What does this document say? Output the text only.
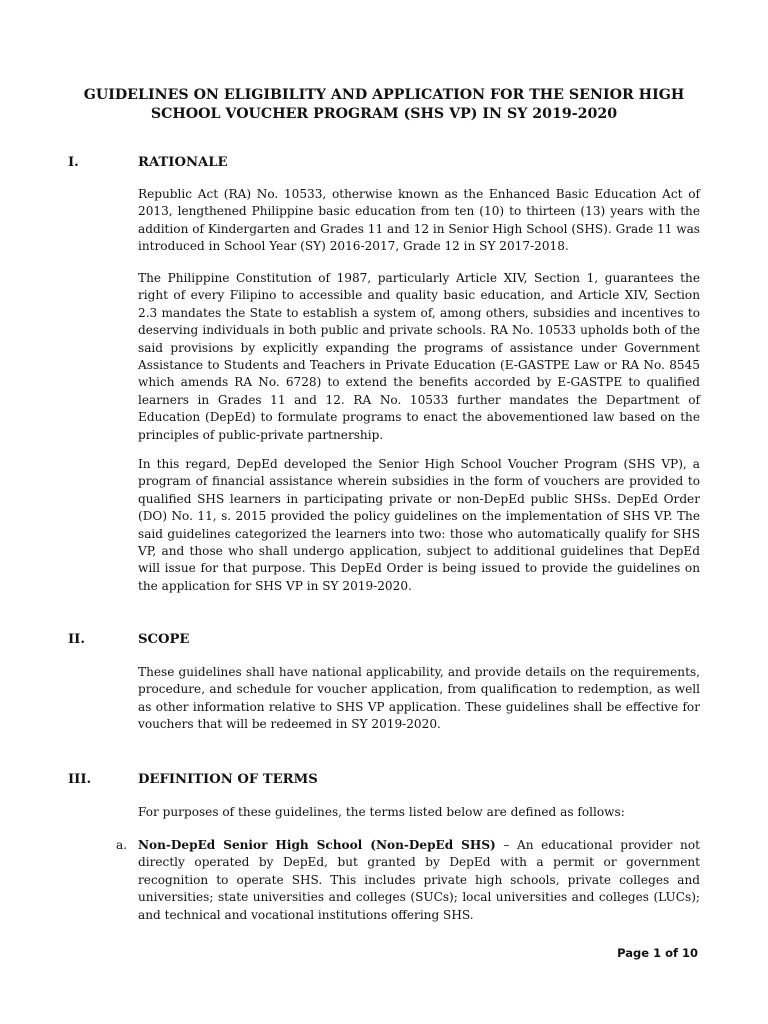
GUIDELINES ON ELIGIBILITY AND APPLICATION FOR THE SENIOR HIGH
SCHOOL VOUCHER PROGRAM (SHS VP) IN SY 2019-2020
I.	RATIONALE

Republic Act (RA) No. 10533, otherwise known as the Enhanced Basic Education Act of 2013, lengthened Philippine basic education from ten (10) to thirteen (13) years with the addition of Kindergarten and Grades 11 and 12 in Senior High School (SHS). Grade 11 was introduced in School Year (SY) 2016-2017, Grade 12 in SY 2017-2018.

The Philippine Constitution of 1987, particularly Article XIV, Section 1, guarantees the right of every Filipino to accessible and quality basic education, and Article XIV, Section 2.3 mandates the State to establish a system of, among others, subsidies and incentives to deserving individuals in both public and private schools. RA No. 10533 upholds both of the said provisions by explicitly expanding the programs of assistance under Government Assistance to Students and Teachers in Private Education (E-GASTPE Law or RA No. 8545 which amends RA No. 6728) to extend the benefits accorded by E-GASTPE to qualified learners in Grades 11 and 12. RA No. 10533 further mandates the Department of Education (DepEd) to formulate programs to enact the abovementioned law based on the principles of public-private partnership.

In this regard, DepEd developed the Senior High School Voucher Program (SHS VP), a program of financial assistance wherein subsidies in the form of vouchers are provided to qualified SHS learners in participating private or non-DepEd public SHSs. DepEd Order (DO) No. 11, s. 2015 provided the policy guidelines on the implementation of SHS VP. The said guidelines categorized the learners into two: those who automatically qualify for SHS VP, and those who shall undergo application, subject to additional guidelines that DepEd will issue for that purpose. This DepEd Order is being issued to provide the guidelines on the application for SHS VP in SY 2019-2020.

II.	SCOPE

These guidelines shall have national applicability, and provide details on the requirements, procedure, and schedule for voucher application, from qualification to redemption, as well as other information relative to SHS VP application. These guidelines shall be effective for vouchers that will be redeemed in SY 2019-2020.

III.	DEFINITION OF TERMS

For purposes of these guidelines, the terms listed below are defined as follows:

a. Non-DepEd Senior High School (Non-DepEd SHS) – An educational provider not directly operated by DepEd, but granted by DepEd with a permit or government recognition to operate SHS. This includes private high schools, private colleges and universities; state universities and colleges (SUCs); local universities and colleges (LUCs); and technical and vocational institutions offering SHS.
Page 1 of 10
